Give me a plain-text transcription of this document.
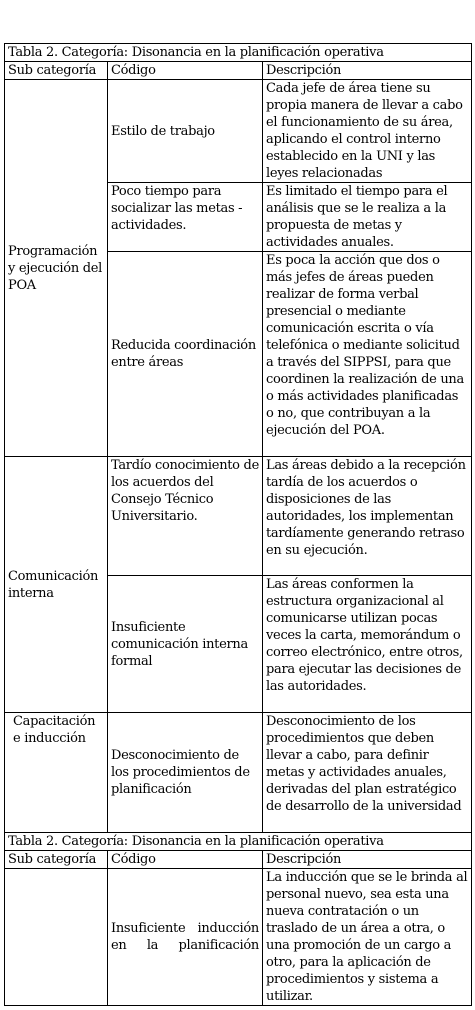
Tabla 2. Categoría: Disonancia en la planificación operativa		
Sub categoría	Código	Descripción
Programación y ejecución del POA	Estilo de trabajo	Cada jefe de área tiene su propia manera de llevar a cabo el funcionamiento de su área, aplicando el control interno establecido en la UNI y las leyes relacionadas
	Poco tiempo para socializar las metas - actividades.	Es limitado el tiempo para el análisis que se le realiza a la propuesta de metas y actividades anuales.
	Reducida coordinación entre áreas	Es poca la acción que dos o más jefes de áreas pueden realizar de forma verbal presencial o mediante comunicación escrita o vía telefónica o mediante solicitud a través del SIPPSI, para que coordinen la realización de una o más actividades planificadas o no, que contribuyan a la ejecución del POA.
Comunicación interna	Tardío conocimiento de los acuerdos del Consejo Técnico Universitario.	Las áreas debido a la recepción tardía de los acuerdos o disposiciones de las autoridades, los implementan tardíamente generando retraso en su ejecución.
	Insuficiente comunicación interna formal	Las áreas conformen la estructura organizacional al comunicarse utilizan pocas veces la carta, memorándum o correo electrónico, entre otros, para ejecutar las decisiones de las autoridades.
Capacitación e inducción	Desconocimiento de los procedimientos de planificación	Desconocimiento de los procedimientos que deben llevar a cabo, para definir metas y actividades anuales, derivadas del plan estratégico de desarrollo de la universidad
Tabla 2. Categoría: Disonancia en la planificación operativa		
Sub categoría	Código	Descripción
	Insuficiente inducción en la planificación	La inducción que se le brinda al personal nuevo, sea esta una nueva contratación o un traslado de un área a otra, o una promoción de un cargo a otro, para la aplicación de procedimientos y sistema a utilizar.
